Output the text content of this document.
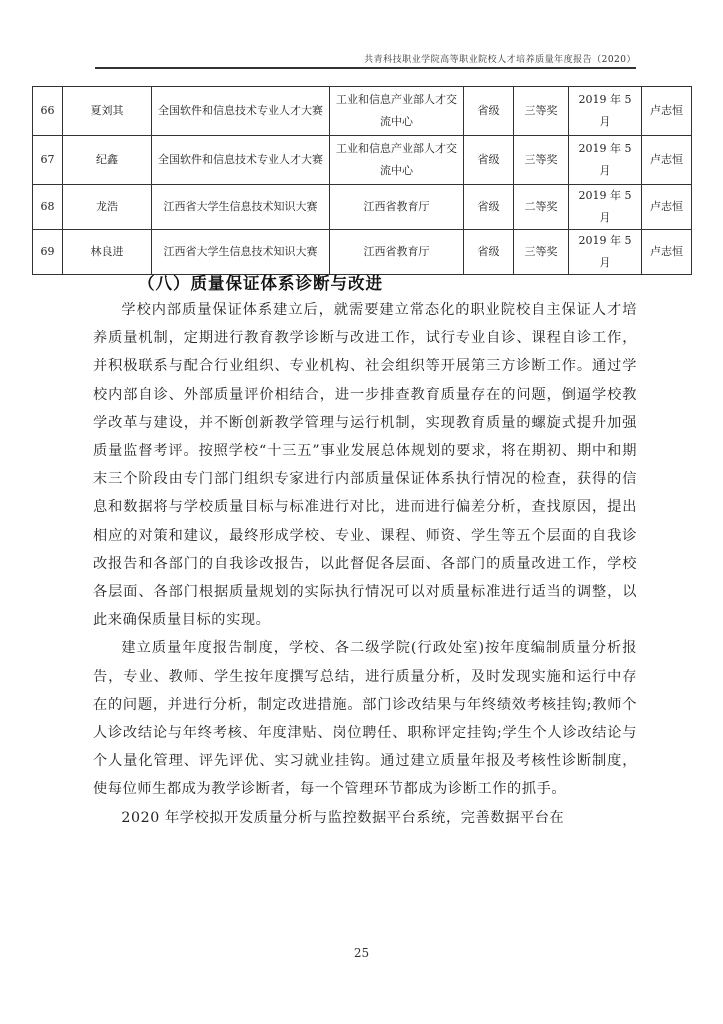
共青科技职业学院高等职业院校人才培养质量年度报告（2020）
66	夏刘其	全国软件和信息技术专业人才大赛	工业和信息产业部人才交流中心	省级	三等奖	2019 年 5 月	卢志恒
67	纪鑫	全国软件和信息技术专业人才大赛	工业和信息产业部人才交流中心	省级	三等奖	2019 年 5 月	卢志恒
68	龙浩	江西省大学生信息技术知识大赛	江西省教育厅	省级	二等奖	2019 年 5 月	卢志恒
69	林良进	江西省大学生信息技术知识大赛	江西省教育厅	省级	三等奖	2019 年 5 月	卢志恒
（八）质量保证体系诊断与改进

学校内部质量保证体系建立后，就需要建立常态化的职业院校自主保证人才培养质量机制，定期进行教育教学诊断与改进工作，试行专业自诊、课程自诊工作，并积极联系与配合行业组织、专业机构、社会组织等开展第三方诊断工作。通过学校内部自诊、外部质量评价相结合，进一步排查教育质量存在的问题，倒逼学校教学改革与建设，并不断创新教学管理与运行机制，实现教育质量的螺旋式提升加强质量监督考评。按照学校“十三五”事业发展总体规划的要求，将在期初、期中和期末三个阶段由专门部门组织专家进行内部质量保证体系执行情况的检查，获得的信息和数据将与学校质量目标与标准进行对比，进而进行偏差分析，查找原因，提出相应的对策和建议，最终形成学校、专业、课程、师资、学生等五个层面的自我诊改报告和各部门的自我诊改报告，以此督促各层面、各部门的质量改进工作，学校各层面、各部门根据质量规划的实际执行情况可以对质量标准进行适当的调整，以此来确保质量目标的实现。

建立质量年度报告制度，学校、各二级学院(行政处室)按年度编制质量分析报告，专业、教师、学生按年度撰写总结，进行质量分析，及时发现实施和运行中存在的问题，并进行分析，制定改进措施。部门诊改结果与年终绩效考核挂钩;教师个人诊改结论与年终考核、年度津贴、岗位聘任、职称评定挂钩;学生个人诊改结论与个人量化管理、评先评优、实习就业挂钩。通过建立质量年报及考核性诊断制度，使每位师生都成为教学诊断者，每一个管理环节都成为诊断工作的抓手。

2020 年学校拟开发质量分析与监控数据平台系统，完善数据平台在

25
